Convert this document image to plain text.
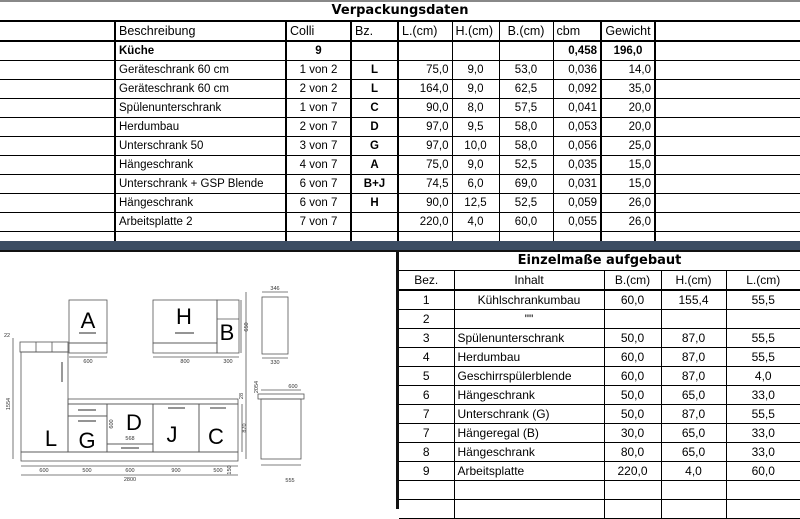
Verpackungsdaten
	Beschreibung	Colli	Bz.	L.(cm)	H.(cm)	B.(cm)	cbm	Gewicht	
	Küche	9					0,458	196,0	
	Geräteschrank 60 cm	1 von 2	L	75,0	9,0	53,0	0,036	14,0	
	Geräteschrank 60 cm	2 von 2	L	164,0	9,0	62,5	0,092	35,0	
	Spülenunterschrank	1 von 7	C	90,0	8,0	57,5	0,041	20,0	
	Herdumbau	2 von 7	D	97,0	9,5	58,0	0,053	20,0	
	Unterschrank 50	3 von 7	G	97,0	10,0	58,0	0,056	25,0	
	Hängeschrank	4 von 7	A	75,0	9,0	52,5	0,035	15,0	
	Unterschrank + GSP Blende	6 von 7	B+J	74,5	6,0	69,0	0,031	15,0	
	Hängeschrank	6 von 7	H	90,0	12,5	52,5	0,059	26,0	
	Arbeitsplatte 2	7 von 7		220,0	4,0	60,0	0,055	26,0	

Einzelmaße aufgebaut
Bez.	Inhalt	B.(cm)	H.(cm)	L.(cm)
1	Kühlschrankumbau	60,0	155,4	55,5
2	""			
3	Spülenunterschrank	50,0	87,0	55,5
4	Herdumbau	60,0	87,0	55,5
5	Geschirrspülerblende	60,0	87,0	4,0
6	Hängeschrank	50,0	65,0	33,0
7	Unterschrank (G)	50,0	87,0	55,5
7	Hängeregal (B)	30,0	65,0	33,0
8	Hängeschrank	80,0	65,0	33,0
9	Arbeitsplatte	220,0	4,0	60,0

A	H
B
L G
D J C
22
1554
600	800	300
650
346
330
2054	600
28
870
150
555
568
600
600	500	600	900	500
2800
